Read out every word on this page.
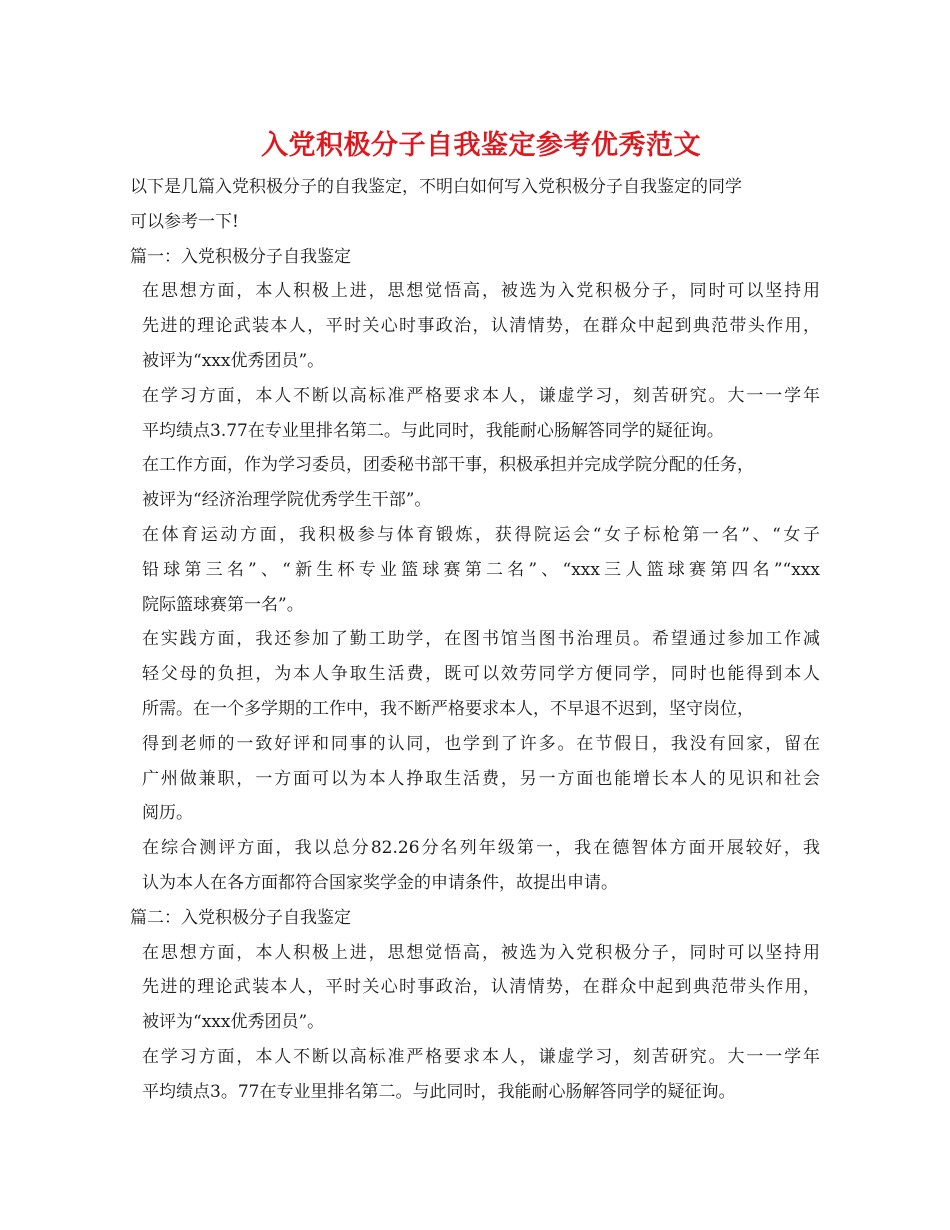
入党积极分子自我鉴定参考优秀范文
以下是几篇入党积极分子的自我鉴定，不明白如何写入党积极分子自我鉴定的同学
可以参考一下!
篇一：入党积极分子自我鉴定
在思想方面，本人积极上进，思想觉悟高，被选为入党积极分子，同时可以坚持用
先进的理论武装本人，平时关心时事政治，认清情势，在群众中起到典范带头作用，
被评为“xxx优秀团员”。
在学习方面，本人不断以高标准严格要求本人，谦虚学习，刻苦研究。大一一学年
平均绩点3.77在专业里排名第二。与此同时，我能耐心肠解答同学的疑征询。
在工作方面，作为学习委员，团委秘书部干事，积极承担并完成学院分配的任务，
被评为“经济治理学院优秀学生干部”。
在体育运动方面，我积极参与体育锻炼，获得院运会“女子标枪第一名”、“女子
铅球第三名”、“新生杯专业篮球赛第二名”、“xxx三人篮球赛第四名”“xxx
院际篮球赛第一名”。
在实践方面，我还参加了勤工助学，在图书馆当图书治理员。希望通过参加工作减
轻父母的负担，为本人争取生活费，既可以效劳同学方便同学，同时也能得到本人
所需。在一个多学期的工作中，我不断严格要求本人，不早退不迟到，坚守岗位，
得到老师的一致好评和同事的认同，也学到了许多。在节假日，我没有回家，留在
广州做兼职，一方面可以为本人挣取生活费，另一方面也能增长本人的见识和社会
阅历。
在综合测评方面，我以总分82.26分名列年级第一，我在德智体方面开展较好，我
认为本人在各方面都符合国家奖学金的申请条件，故提出申请。
篇二：入党积极分子自我鉴定
在思想方面，本人积极上进，思想觉悟高，被选为入党积极分子，同时可以坚持用
先进的理论武装本人，平时关心时事政治，认清情势，在群众中起到典范带头作用，
被评为“xxx优秀团员”。
在学习方面，本人不断以高标准严格要求本人，谦虚学习，刻苦研究。大一一学年
平均绩点3。77在专业里排名第二。与此同时，我能耐心肠解答同学的疑征询。
